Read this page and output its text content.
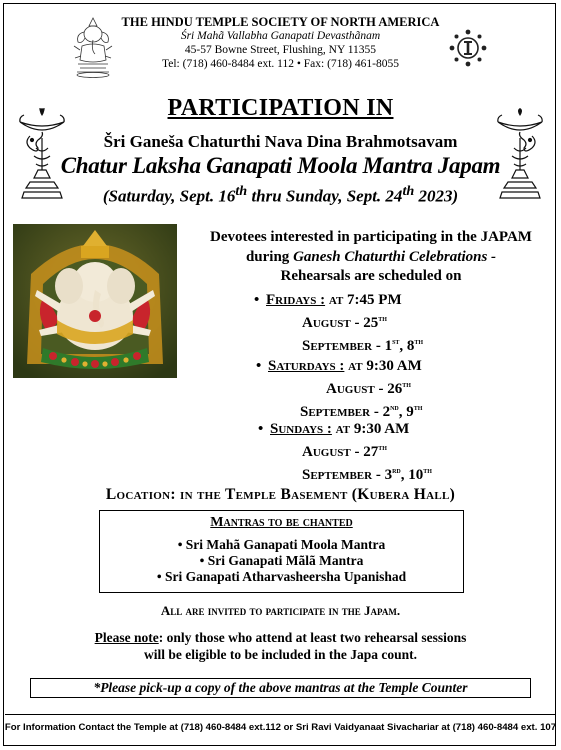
THE HINDU TEMPLE SOCIETY OF NORTH AMERICA
Śri Mahã Vallabha Ganapati Devasthãnam
45-57 Bowne Street, Flushing, NY 11355
Tel: (718) 460-8484 ext. 112 • Fax: (718) 461-8055
PARTICIPATION IN
Šri Ganeša Chaturthi Nava Dina Brahmotsavam
Chatur Laksha Ganapati Moola Mantra Japam
(Saturday, Sept. 16th thru Sunday, Sept. 24th 2023)
Devotees interested in participating in the JAPAM
during Ganesh Chaturthi Celebrations -
Rehearsals are scheduled on
• Fridays : at 7:45 PM
August - 25th
September - 1st, 8th
• Saturdays : at 9:30 AM
August - 26th
September - 2nd, 9th
• Sundays : at 9:30 AM
August - 27th
September - 3rd, 10th
Location: in the Temple Basement (Kubera Hall)
Mantras to be chanted
• Sri Mahã Ganapati Moola Mantra
• Sri Ganapati Mãlã Mantra
• Sri Ganapati Atharvasheersha Upanishad
All are invited to participate in the Japam.
Please note: only those who attend at least two rehearsal sessions
will be eligible to be included in the Japa count.
*Please pick-up a copy of the above mantras at the Temple Counter
For Information Contact the Temple at (718) 460-8484 ext.112 or Sri Ravi Vaidyanaat Sivachariar at (718) 460-8484 ext. 107
